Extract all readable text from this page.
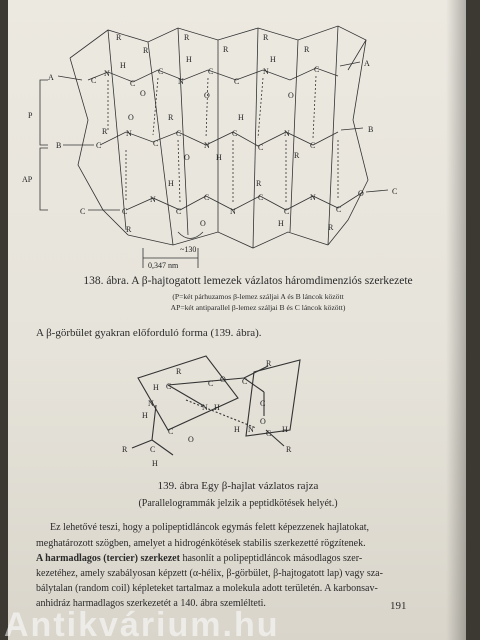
A
P
B
AP
C
A
B
C
R
R
R
R
R
R
H
H	H
C
N
C
C
N
C
C
N	C
O	O	O
R
C
N
C
C
N
C
C
N
C
O
O
H
R
R
H
C
N
C
C
N
C
C
N
C
O
R
H
O
R
H	R
~130
0,347 nm
138. ábra. A β-hajtogatott lemezek vázlatos háromdimenziós szerkezete
(P=két párhuzamos β-lemez száljai A és B láncok között
AP=két antiparallel β-lemez száljai B és C láncok között)
A β-görbület gyakran előforduló forma (139. ábra).
H C
R
C O
N H
C
R
C
O
N
H
C
O
C
R
H
H N C H
R
139. ábra Egy β-hajlat vázlatos rajza
(Parallelogrammák jelzik a peptidkötések helyét.)
Ez lehetővé teszi, hogy a polipeptidláncok egymás felett képezzenek hajlatokat,
meghatározott szögben, amelyet a hidrogénkötések stabilis szerkezetté rögzítenek.
A harmadlagos (tercier) szerkezet hasonlít a polipeptidláncok másodlagos szer-
kezetéhez, amely szabályosan képzett (α-hélix, β-görbület, β-hajtogatott lap) vagy sza-
bálytalan (random coil) képleteket tartalmaz a molekula adott területén. A karbonsav-
anhidráz harmadlagos szerkezetét a 140. ábra szemlélteti.	191
Antikvárium.hu
